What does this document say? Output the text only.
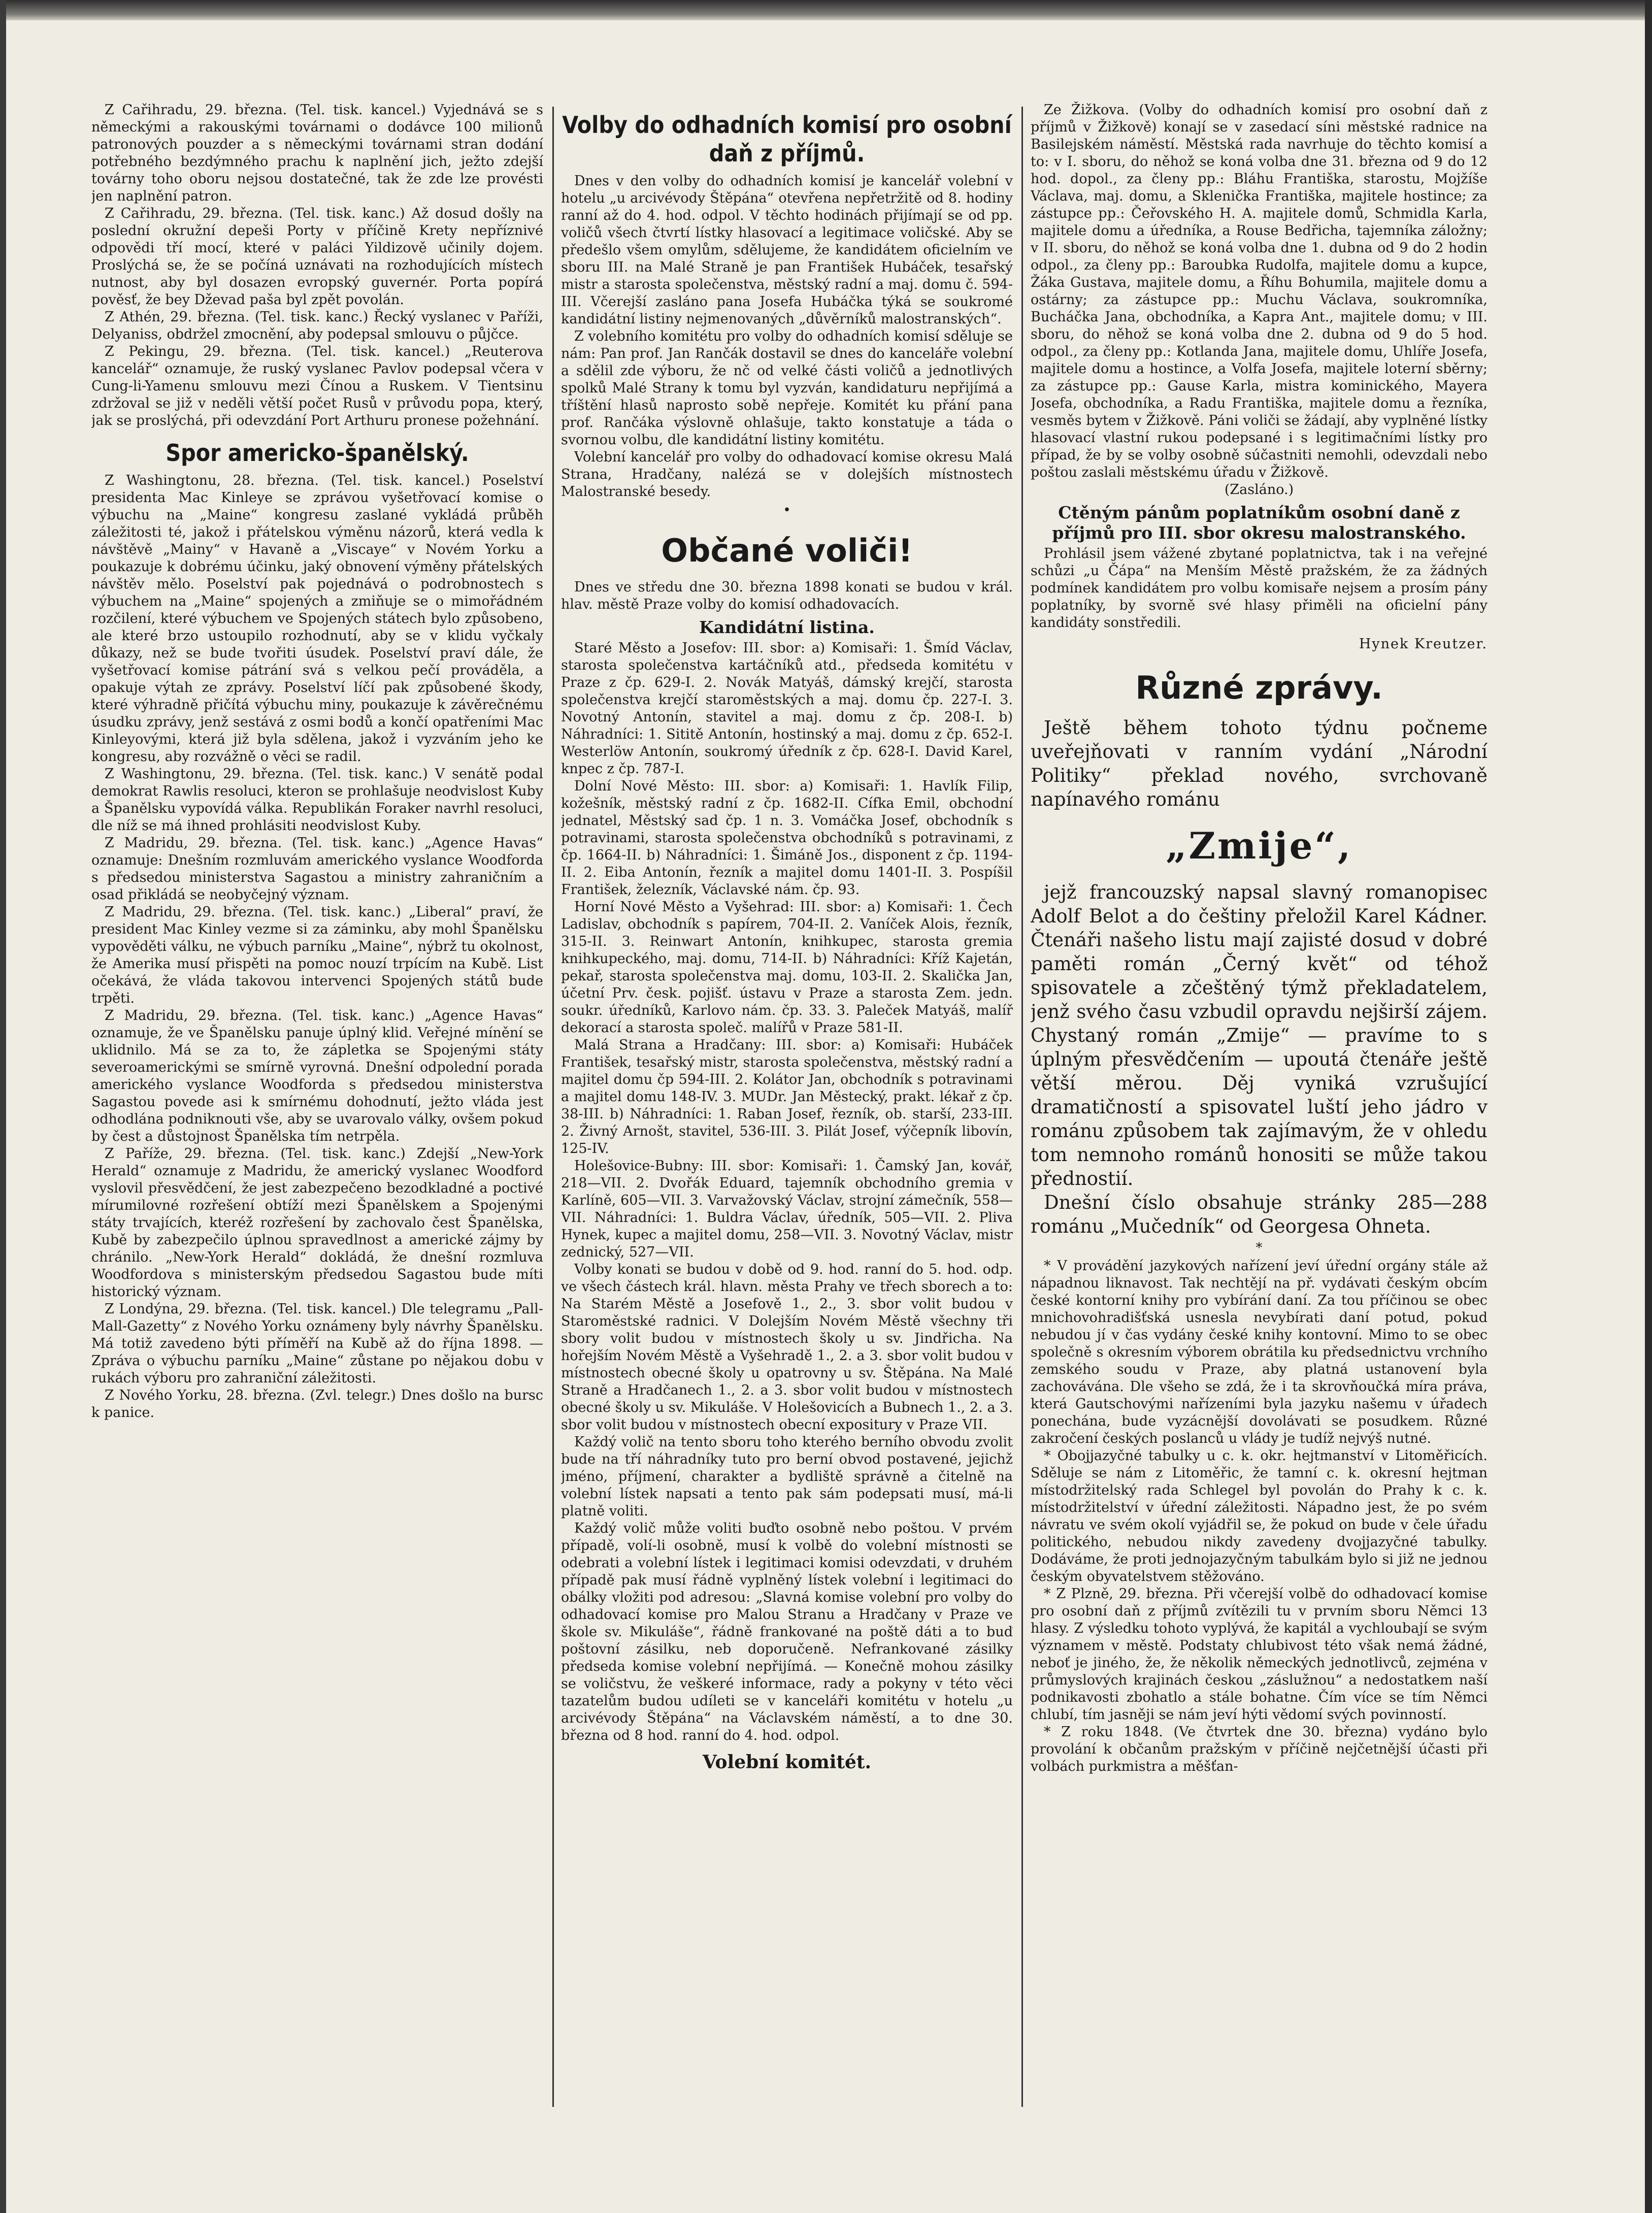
Z Cařihradu, 29. března. (Tel. tisk. kancel.) Vyjednává se s německými a rakouskými továrnami o dodávce 100 milionů patronových pouzder a s německými továrnami stran dodání potřebného bezdýmného prachu k naplnění jich, ježto zdejší továrny toho oboru nejsou dostatečné, tak že zde lze provésti jen naplnění patron.

Z Cařihradu, 29. března. (Tel. tisk. kanc.) Až dosud došly na poslední okružní depeši Porty v příčině Krety nepříznivé odpovědi tří mocí, které v paláci Yildizově učinily dojem. Proslýchá se, že se počíná uznávati na rozhodujících místech nutnost, aby byl dosazen evropský guvernér. Porta popírá pověsť, že bey Dževad paša byl zpět povolán.

Z Athén, 29. března. (Tel. tisk. kanc.) Řecký vyslanec v Paříži, Delyaniss, obdržel zmocnění, aby podepsal smlouvu o půjčce.

Z Pekingu, 29. března. (Tel. tisk. kancel.) „Reuterova kancelář“ oznamuje, že ruský vyslanec Pavlov podepsal včera v Cung-li-Yamenu smlouvu mezi Čínou a Ruskem. V Tientsinu zdržoval se již v neděli větší počet Rusů v průvodu popa, který, jak se proslýchá, při odevzdání Port Arthuru pronese požehnání.

Spor americko-španělský.

Z Washingtonu, 28. března. (Tel. tisk. kancel.) Poselství presidenta Mac Kinleye se zprávou vyšetřovací komise o výbuchu na „Maine“ kongresu zaslané vykládá průběh záležitosti té, jakož i přátelskou výměnu názorů, která vedla k návštěvě „Mainy“ v Havaně a „Viscaye“ v Novém Yorku a poukazuje k dobrému účinku, jaký obnovení výměny přátelských návštěv mělo. Poselství pak pojednává o podrobnostech s výbuchem na „Maine“ spojených a zmiňuje se o mimořádném rozčilení, které výbuchem ve Spojených státech bylo způsobeno, ale které brzo ustoupilo rozhodnutí, aby se v klidu vyčkaly důkazy, než se bude tvořiti úsudek. Poselství praví dále, že vyšetřovací komise pátrání svá s velkou pečí prováděla, a opakuje výtah ze zprávy. Poselství líčí pak způsobené škody, které výhradně přičítá výbuchu miny, poukazuje k závěrečnému úsudku zprávy, jenž sestává z osmi bodů a končí opatřeními Mac Kinleyovými, která již byla sdělena, jakož i vyzváním jeho ke kongresu, aby rozvážně o věci se radil.

Z Washingtonu, 29. března. (Tel. tisk. kanc.) V senátě podal demokrat Rawlis resoluci, kteron se prohlašuje neodvislost Kuby a Španělsku vypovídá válka. Republikán Foraker navrhl resoluci, dle níž se má ihned prohlásiti neodvislost Kuby.

Z Madridu, 29. března. (Tel. tisk. kanc.) „Agence Havas“ oznamuje: Dnešním rozmluvám amerického vyslance Woodforda s předsedou ministerstva Sagastou a ministry zahraničním a osad přikládá se neobyčejný význam.

Z Madridu, 29. března. (Tel. tisk. kanc.) „Liberal“ praví, že president Mac Kinley vezme si za záminku, aby mohl Španělsku vypověděti válku, ne výbuch parníku „Maine“, nýbrž tu okolnost, že Amerika musí přispěti na pomoc nouzí trpícím na Kubě. List očekává, že vláda takovou intervenci Spojených států bude trpěti.

Z Madridu, 29. března. (Tel. tisk. kanc.) „Agence Havas“ oznamuje, že ve Španělsku panuje úplný klid. Veřejné mínění se uklidnilo. Má se za to, že zápletka se Spojenými státy severoamerickými se smírně vyrovná. Dnešní odpolední porada amerického vyslance Woodforda s předsedou ministerstva Sagastou povede asi k smírnému dohodnutí, ježto vláda jest odhodlána podniknouti vše, aby se uvarovalo války, ovšem pokud by čest a důstojnost Španělska tím netrpěla.

Z Paříže, 29. března. (Tel. tisk. kanc.) Zdejší „New-York Herald“ oznamuje z Madridu, že americký vyslanec Woodford vyslovil přesvědčení, že jest zabezpečeno bezodkladné a poctivé mírumilovné rozřešení obtíží mezi Španělskem a Spojenými státy trvajících, kteréž rozřešení by zachovalo čest Španělska, Kubě by zabezpečilo úplnou spravedlnost a americké zájmy by chránilo. „New-York Herald“ dokládá, že dnešní rozmluva Woodfordova s ministerským předsedou Sagastou bude míti historický význam.

Z Londýna, 29. března. (Tel. tisk. kancel.) Dle telegramu „Pall-Mall-Gazetty“ z Nového Yorku oznámeny byly návrhy Španělsku. Má totiž zavedeno býti příměří na Kubě až do října 1898. — Zpráva o výbuchu parníku „Maine“ zůstane po nějakou dobu v rukách výboru pro zahraniční záležitosti.

Z Nového Yorku, 28. března. (Zvl. telegr.) Dnes došlo na bursc k panice.

Volby do odhadních komisí pro osobní daň z příjmů.

Dnes v den volby do odhadních komisí je kancelář volební v hotelu „u arcivévody Štěpána“ otevřena nepřetržitě od 8. hodiny ranní až do 4. hod. odpol. V těchto hodinách přijímají se od pp. voličů všech čtvrtí lístky hlasovací a legitimace voličské. Aby se předešlo všem omylům, sdělujeme, že kandidátem oficielním ve sboru III. na Malé Straně je pan František Hubáček, tesařský mistr a starosta společenstva, městský radní a maj. domu č. 594-III. Včerejší zasláno pana Josefa Hubáčka týká se soukromé kandidátní listiny nejmenovaných „důvěrníků malostranských“.

Z volebního komitétu pro volby do odhadních komisí sděluje se nám: Pan prof. Jan Rančák dostavil se dnes do kanceláře volební a sdělil zde výboru, že nč od velké části voličů a jednotlivých spolků Malé Strany k tomu byl vyzván, kandidaturu nepřijímá a tříštění hlasů naprosto sobě nepřeje. Komitét ku přání pana prof. Rančáka výslovně ohlašuje, takto konstatuje a táda o svornou volbu, dle kandidátní listiny komitétu.

Volební kancelář pro volby do odhadovací komise okresu Malá Strana, Hradčany, nalézá se v dolejších místnostech Malostranské besedy.

•
Občané voliči!

Dnes ve středu dne 30. března 1898 konati se budou v král. hlav. městě Praze volby do komisí odhadovacích.

Kandidátní listina.

Staré Město a Josefov: III. sbor: a) Komisaři: 1. Šmíd Václav, starosta společenstva kartáčníků atd., předseda komitétu v Praze z čp. 629-I. 2. Novák Matyáš, dámský krejčí, starosta společenstva krejčí staroměstských a maj. domu čp. 227-I. 3. Novotný Antonín, stavitel a maj. domu z čp. 208-I. b) Náhradníci: 1. Sititě Antonín, hostinský a maj. domu z čp. 652-I. Westerlöw Antonín, soukromý úředník z čp. 628-I. David Karel, knpec z čp. 787-I.

Dolní Nové Město: III. sbor: a) Komisaři: 1. Havlík Filip, kožešník, městský radní z čp. 1682-II. Cífka Emil, obchodní jednatel, Městský sad čp. 1 n. 3. Vomáčka Josef, obchodník s potravinami, starosta společenstva obchodníků s potravinami, z čp. 1664-II. b) Náhradníci: 1. Šimáně Jos., disponent z čp. 1194-II. 2. Eiba Antonín, řezník a majitel domu 1401-II. 3. Pospíšil František, železník, Václavské nám. čp. 93.

Horní Nové Město a Vyšehrad: III. sbor: a) Komisaři: 1. Čech Ladislav, obchodník s papírem, 704-II. 2. Vaníček Alois, řezník, 315-II. 3. Reinwart Antonín, knihkupec, starosta gremia knihkupeckého, maj. domu, 714-II. b) Náhradníci: Kříž Kajetán, pekař, starosta společenstva maj. domu, 103-II. 2. Skalička Jan, účetní Prv. česk. pojišť. ústavu v Praze a starosta Zem. jedn. soukr. úředníků, Karlovo nám. čp. 33. 3. Paleček Matyáš, malíř dekorací a starosta společ. malířů v Praze 581-II.

Malá Strana a Hradčany: III. sbor: a) Komisaři: Hubáček František, tesařský mistr, starosta společenstva, městský radní a majitel domu čp 594-III. 2. Kolátor Jan, obchodník s potravinami a majitel domu 148-IV. 3. MUDr. Jan Městecký, prakt. lékař z čp. 38-III. b) Náhradníci: 1. Raban Josef, řezník, ob. starší, 233-III. 2. Živný Arnošt, stavitel, 536-III. 3. Pilát Josef, výčepník libovín, 125-IV.

Holešovice-Bubny: III. sbor: Komisaři: 1. Čamský Jan, kovář, 218—VII. 2. Dvořák Eduard, tajemník obchodního gremia v Karlíně, 605—VII. 3. Varvažovský Václav, strojní zámečník, 558—VII. Náhradníci: 1. Buldra Václav, úředník, 505—VII. 2. Pliva Hynek, kupec a majitel domu, 258—VII. 3. Novotný Václav, mistr zednický, 527—VII.

Volby konati se budou v době od 9. hod. ranní do 5. hod. odp. ve všech částech král. hlavn. města Prahy ve třech sborech a to: Na Starém Městě a Josefově 1., 2., 3. sbor volit budou v Staroměstské radnici. V Dolejším Novém Městě všechny tři sbory volit budou v místnostech školy u sv. Jindřicha. Na hořejším Novém Městě a Vyšehradě 1., 2. a 3. sbor volit budou v místnostech obecné školy u opatrovny u sv. Štěpána. Na Malé Straně a Hradčanech 1., 2. a 3. sbor volit budou v místnostech obecné školy u sv. Mikuláše. V Holešovicích a Bubnech 1., 2. a 3. sbor volit budou v místnostech obecní expositury v Praze VII.

Každý volič na tento sboru toho kterého berního obvodu zvolit bude na tří náhradníky tuto pro berní obvod postavené, jejichž jméno, příjmení, charakter a bydliště správně a čitelně na volební lístek napsati a tento pak sám podepsati musí, má-li platně voliti.

Každý volič může voliti buďto osobně nebo poštou. V prvém případě, volí-li osobně, musí k volbě do volební místnosti se odebrati a volební lístek i legitimaci komisi odevzdati, v druhém případě pak musí řádně vyplněný lístek volební i legitimaci do obálky vložiti pod adresou: „Slavná komise volební pro volby do odhadovací komise pro Malou Stranu a Hradčany v Praze ve škole sv. Mikuláše“, řádně frankované na poště dáti a to buď poštovní zásilku, neb doporučeně. Nefrankované zásilky předseda komise volební nepřijímá. — Konečně mohou zásilky se voličstvu, že veškeré informace, rady a pokyny v této věci tazatelům budou udíleti se v kanceláři komitétu v hotelu „u arcivévody Štěpána“ na Václavském náměstí, a to dne 30. března od 8 hod. ranní do 4. hod. odpol.

Volební komitét.

Ze Žižkova. (Volby do odhadních komisí pro osobní daň z příjmů v Žižkově) konají se v zasedací síni městské radnice na Basilejském náměstí. Městská rada navrhuje do těchto komisí a to: v I. sboru, do něhož se koná volba dne 31. března od 9 do 12 hod. dopol., za členy pp.: Bláhu Františka, starostu, Mojžíše Václava, maj. domu, a Sklenička Františka, majitele hostince; za zástupce pp.: Čeřovského H. A. majitele domů, Schmidla Karla, majitele domu a úředníka, a Rouse Bedřicha, tajemníka záložny; v II. sboru, do něhož se koná volba dne 1. dubna od 9 do 2 hodin odpol., za členy pp.: Baroubka Rudolfa, majitele domu a kupce, Žáka Gustava, majitele domu, a Říhu Bohumila, majitele domu a ostárny; za zástupce pp.: Muchu Václava, soukromníka, Bucháčka Jana, obchodníka, a Kapra Ant., majitele domu; v III. sboru, do něhož se koná volba dne 2. dubna od 9 do 5 hod. odpol., za členy pp.: Kotlanda Jana, majitele domu, Uhlíře Josefa, majitele domu a hostince, a Volfa Josefa, majitele loterní sběrny; za zástupce pp.: Gause Karla, mistra kominického, Mayera Josefa, obchodníka, a Radu Františka, majitele domu a řezníka, vesměs bytem v Žižkově. Páni voliči se žádají, aby vyplněné lístky hlasovací vlastní rukou podepsané i s legitimačními lístky pro případ, že by se volby osobně súčastniti nemohli, odevzdali nebo poštou zaslali městskému úřadu v Žižkově.

(Zasláno.)

Ctěným pánům poplatníkům osobní daně z příjmů pro III. sbor okresu malostranského.

Prohlásil jsem vážené zbytané poplatnictva, tak i na veřejné schůzi „u Čápa“ na Menším Městě pražském, že za žádných podmínek kandidátem pro volbu komisaře nejsem a prosím pány poplatníky, by svorně své hlasy přiměli na oficielní pány kandidáty sonstředili.

Hynek Kreutzer.

Různé zprávy.

Ještě během tohoto týdnu počneme uveřejňovati v ranním vydání „Národní Politiky“ překlad nového, svrchovaně napínavého románu

„Zmije“,

jejž francouzský napsal slavný romanopisec Adolf Belot a do češtiny přeložil Karel Kádner. Čtenáři našeho listu mají zajisté dosud v dobré paměti román „Černý květ“ od téhož spisovatele a zčeštěný týmž překladatelem, jenž svého času vzbudil opravdu nejširší zájem. Chystaný román „Zmije“ — pravíme to s úplným přesvědčením — upoutá čtenáře ještě větší měrou. Děj vyniká vzrušující dramatičností a spisovatel luští jeho jádro v románu způsobem tak zajímavým, že v ohledu tom nemnoho románů honositi se může takou přednostií.

Dnešní číslo obsahuje stránky 285—288 románu „Mučedník“ od Georgesa Ohneta.

*

* V provádění jazykových nařízení jeví úřední orgány stále až nápadnou liknavost. Tak nechtějí na př. vydávati českým obcím české kontorní knihy pro vybírání daní. Za tou příčinou se obec mnichovohradišťská usnesla nevybírati daní potud, pokud nebudou jí v čas vydány české knihy kontovní. Mimo to se obec společně s okresním výborem obrátila ku předsednictvu vrchního zemského soudu v Praze, aby platná ustanovení byla zachovávána. Dle všeho se zdá, že i ta skrovňoučká míra práva, která Gautschovými nařízeními byla jazyku našemu v úřadech ponechána, bude vyzácnější dovolávati se posudkem. Různé zakročení českých poslanců u vlády je tudíž nejvýš nutné.

* Obojjazyčné tabulky u c. k. okr. hejtmanství v Litoměřicích. Sděluje se nám z Litoměřic, že tamní c. k. okresní hejtman místodržitelský rada Schlegel byl povolán do Prahy k c. k. místodržitelství v úřední záležitosti. Nápadno jest, že po svém návratu ve svém okolí vyjádřil se, že pokud on bude v čele úřadu politického, nebudou nikdy zavedeny dvojjazyčné tabulky. Dodáváme, že proti jednojazyčným tabulkám bylo si již ne jednou českým obyvatelstvem stěžováno.

* Z Plzně, 29. března. Při včerejší volbě do odhadovací komise pro osobní daň z příjmů zvítězili tu v prvním sboru Němci 13 hlasy. Z výsledku tohoto vyplývá, že kapitál a vychloubají se svým významem v městě. Podstaty chlubivost této však nemá žádné, neboť je jiného, že, že několik německých jednotlivců, zejména v průmyslových krajinách českou „záslužnou“ a nedostatkem naší podnikavosti zbohatlo a stále bohatne. Čím více se tím Němci chlubí, tím jasněji se nám jeví hýti vědomí svých povinností.

* Z roku 1848. (Ve čtvrtek dne 30. března) vydáno bylo provolání k občanům pražským v příčině nejčetnější účasti při volbách purkmistra a měšťan-
